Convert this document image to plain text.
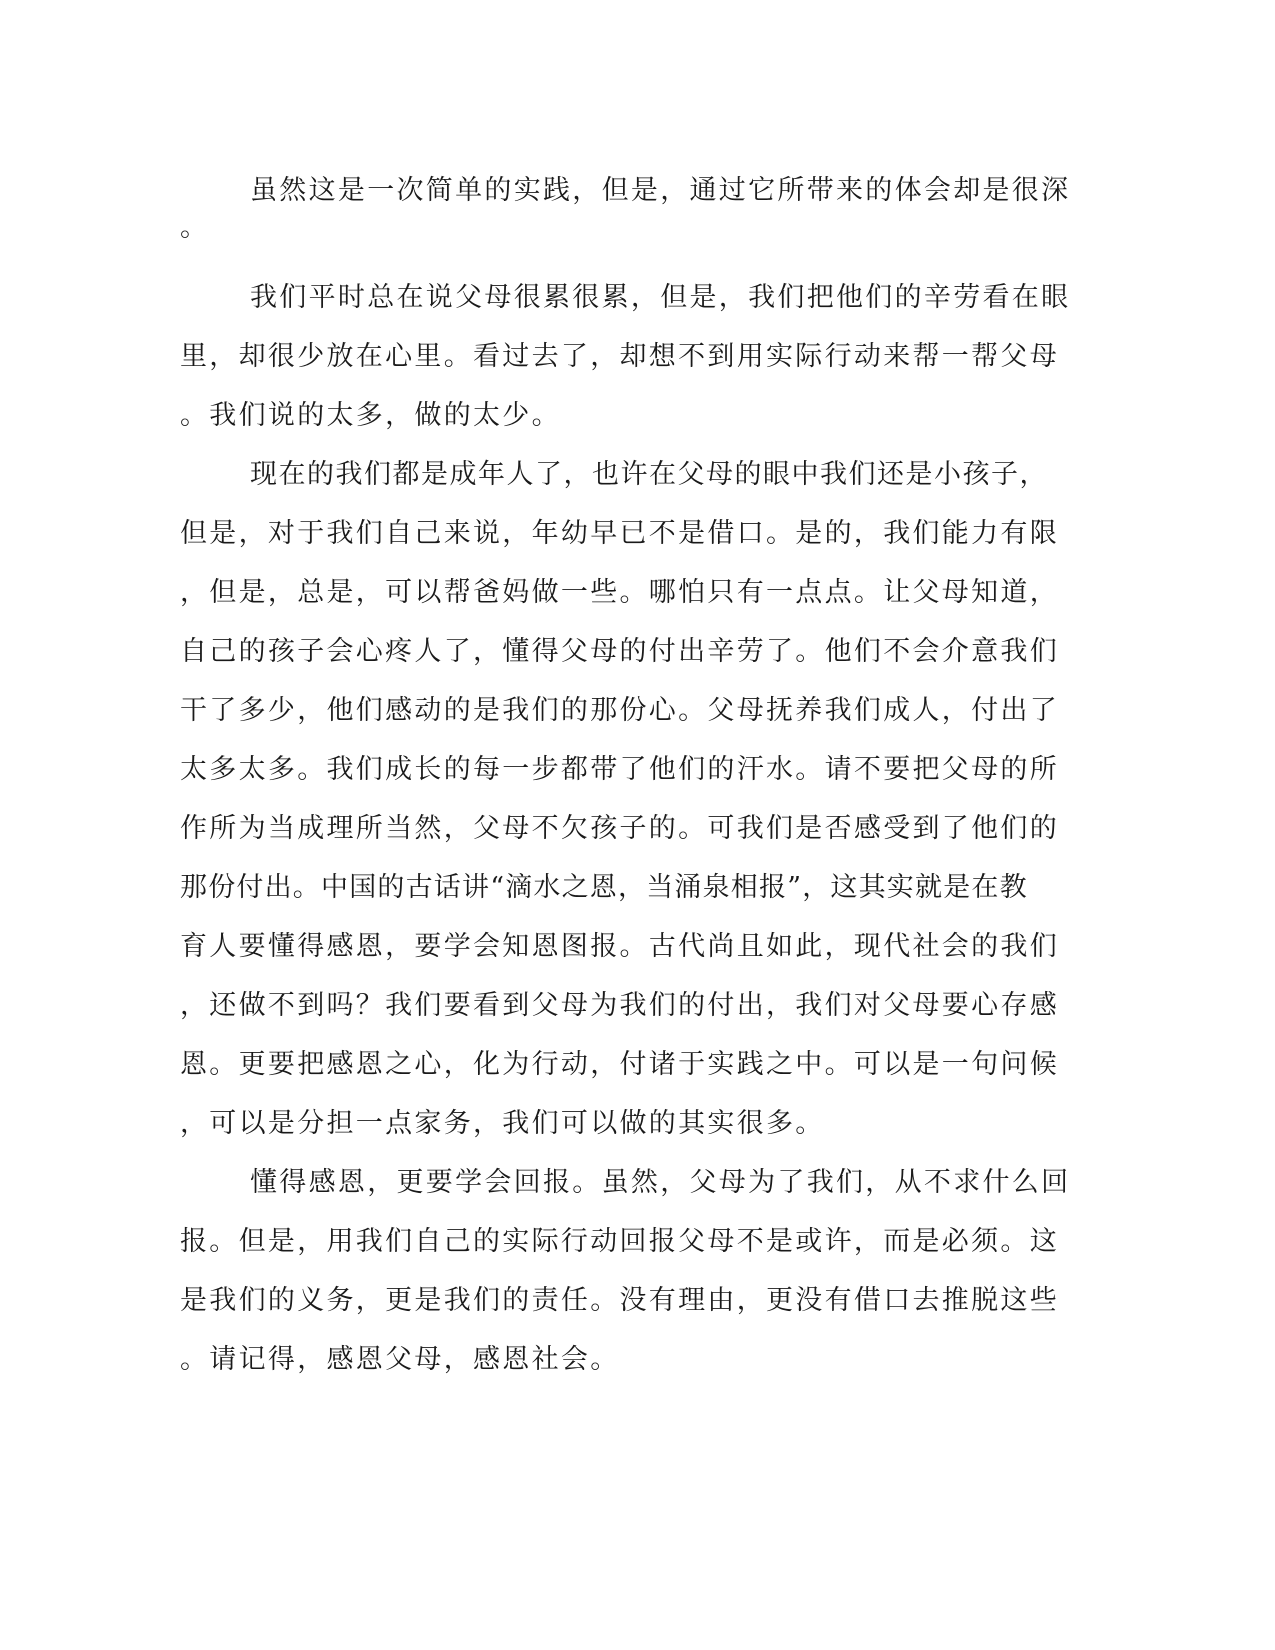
虽然这是一次简单的实践，但是，通过它所带来的体会却是很深

。

我们平时总在说父母很累很累，但是，我们把他们的辛劳看在眼

里，却很少放在心里。看过去了，却想不到用实际行动来帮一帮父母

。我们说的太多，做的太少。

现在的我们都是成年人了，也许在父母的眼中我们还是小孩子，

但是，对于我们自己来说，年幼早已不是借口。是的，我们能力有限

，但是，总是，可以帮爸妈做一些。哪怕只有一点点。让父母知道，

自己的孩子会心疼人了，懂得父母的付出辛劳了。他们不会介意我们

干了多少，他们感动的是我们的那份心。父母抚养我们成人，付出了

太多太多。我们成长的每一步都带了他们的汗水。请不要把父母的所

作所为当成理所当然，父母不欠孩子的。可我们是否感受到了他们的

那份付出。中国的古话讲“滴水之恩，当涌泉相报”，这其实就是在教

育人要懂得感恩，要学会知恩图报。古代尚且如此，现代社会的我们

，还做不到吗？我们要看到父母为我们的付出，我们对父母要心存感

恩。更要把感恩之心，化为行动，付诸于实践之中。可以是一句问候

，可以是分担一点家务，我们可以做的其实很多。

懂得感恩，更要学会回报。虽然，父母为了我们，从不求什么回

报。但是，用我们自己的实际行动回报父母不是或许，而是必须。这

是我们的义务，更是我们的责任。没有理由，更没有借口去推脱这些

。请记得，感恩父母，感恩社会。
